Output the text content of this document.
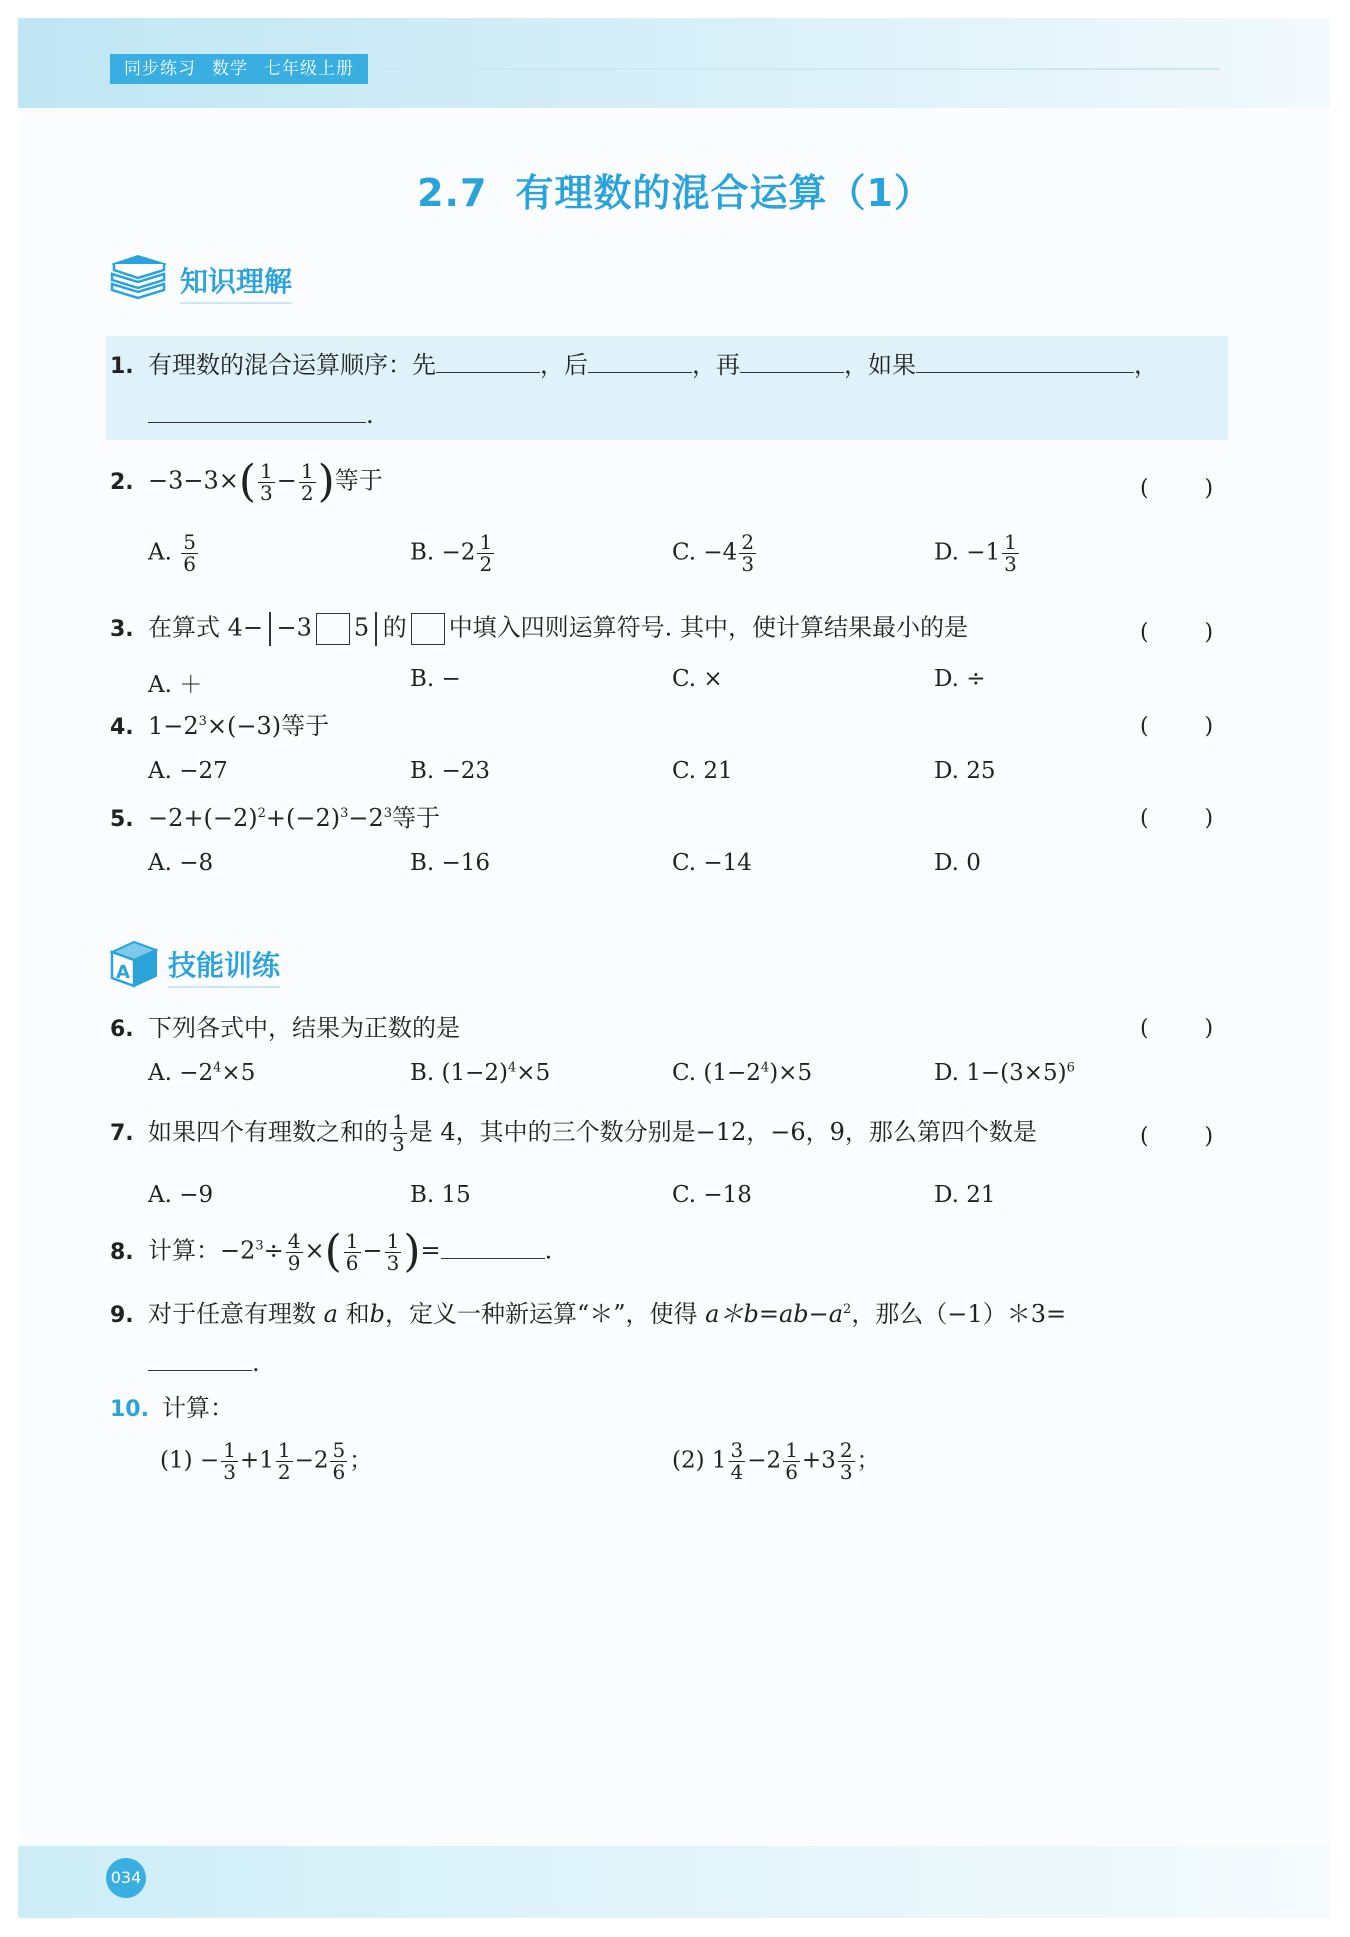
同步练习 数学 七年级上册
2.7 有理数的混合运算（1）
知识理解
1. 有理数的混合运算顺序：先	，后	，再	，如果	，
.
2. $-3-3\times( \frac{1}{3} - \frac{1}{2}$ )等于	(        )
A. $\frac{5}{6}$	B. $-2 \frac{1}{2}$	C. $-4 \frac{2}{3}$	D. $-1 \frac{1}{3}$
3. 在算式 4− −3 5 的 中填入四则运算符号. 其中，使计算结果最小的是	(        )
A. ＋	B. −	C. ×	D. ÷
4. $1-2^3\times(-3)$等于	(        )
A. −27	B. −23	C. 21	D. 25
5. $-2+(-2)^2+(-2)^3-2^3$等于	(        )
A. −8	B. −16	C. −14	D. 0
A 技能训练
6. 下列各式中，结果为正数的是	(        )
A. $-2^4\times 5$	B. $(1-2)^4\times 5$	C. $(1-2^4)\times 5$	D. $1-(3\times 5)^6$
7. 如果四个有理数之和的 $\frac{1}{3}$ 是 4，其中的三个数分别是−12，−6，9，那么第四个数是	(        )
A. −9	B. 15	C. −18	D. 21
8. 计算：$-2^3\div \frac{4}{9}$ ×( $\frac{1}{6} - \frac{1}{3}$ )=	.
9. 对于任意有理数 a 和b，定义一种新运算“＊”，使得 $a*b=ab-a^2$，那么（−1）＊3=
.
10. 计算：
$(1) - \frac{1}{3} +1 \frac{1}{2} -2 \frac{5}{6}$ ；	(2) $1 \frac{3}{4} -2 \frac{1}{6} +3 \frac{2}{3}$ ；
034
